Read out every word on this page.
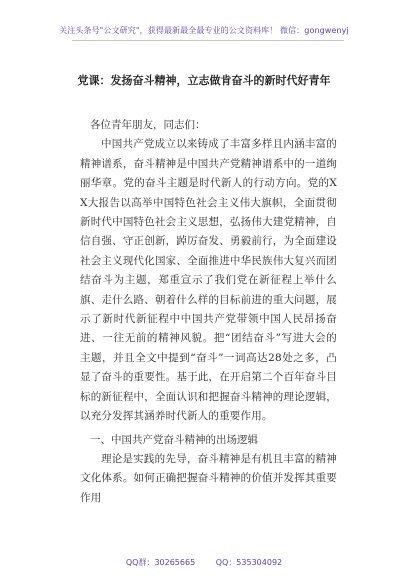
关注头条号"公文研究"，获得最新最全最专业的公文资料库！ 微信：gongwenyj
党课：发扬奋斗精神，立志做肯奋斗的新时代好青年

各位青年朋友，同志们：

中国共产党成立以来铸成了丰富多样且内涵丰富的精神谱系，奋斗精神是中国共产党精神谱系中的一道绚丽华章。党的奋斗主题是时代新人的行动方向。党的XX大报告以高举中国特色社会主义伟大旗帜，全面贯彻新时代中国特色社会主义思想，弘扬伟大建党精神，自信自强、守正创新，踔厉奋发、勇毅前行，为全面建设社会主义现代化国家、全面推进中华民族伟大复兴而团结奋斗为主题，郑重宣示了我们党在新征程上举什么旗、走什么路、朝着什么样的目标前进的重大问题，展示了新时代新征程中中国共产党带领中国人民昂扬奋进、一往无前的精神风貌。把“团结奋斗”写进大会的主题，并且全文中提到“奋斗”一词高达28处之多，凸显了奋斗的重要性。基于此，在开启第二个百年奋斗目标的新征程中，全面认识和把握奋斗精神的理论逻辑，以充分发挥其涵养时代新人的重要作用。

一、中国共产党奋斗精神的出场逻辑

理论是实践的先导，奋斗精神是有机且丰富的精神文化体系。如何正确把握奋斗精神的价值并发挥其重要作用

QQ群：30265665	QQ：535304092
